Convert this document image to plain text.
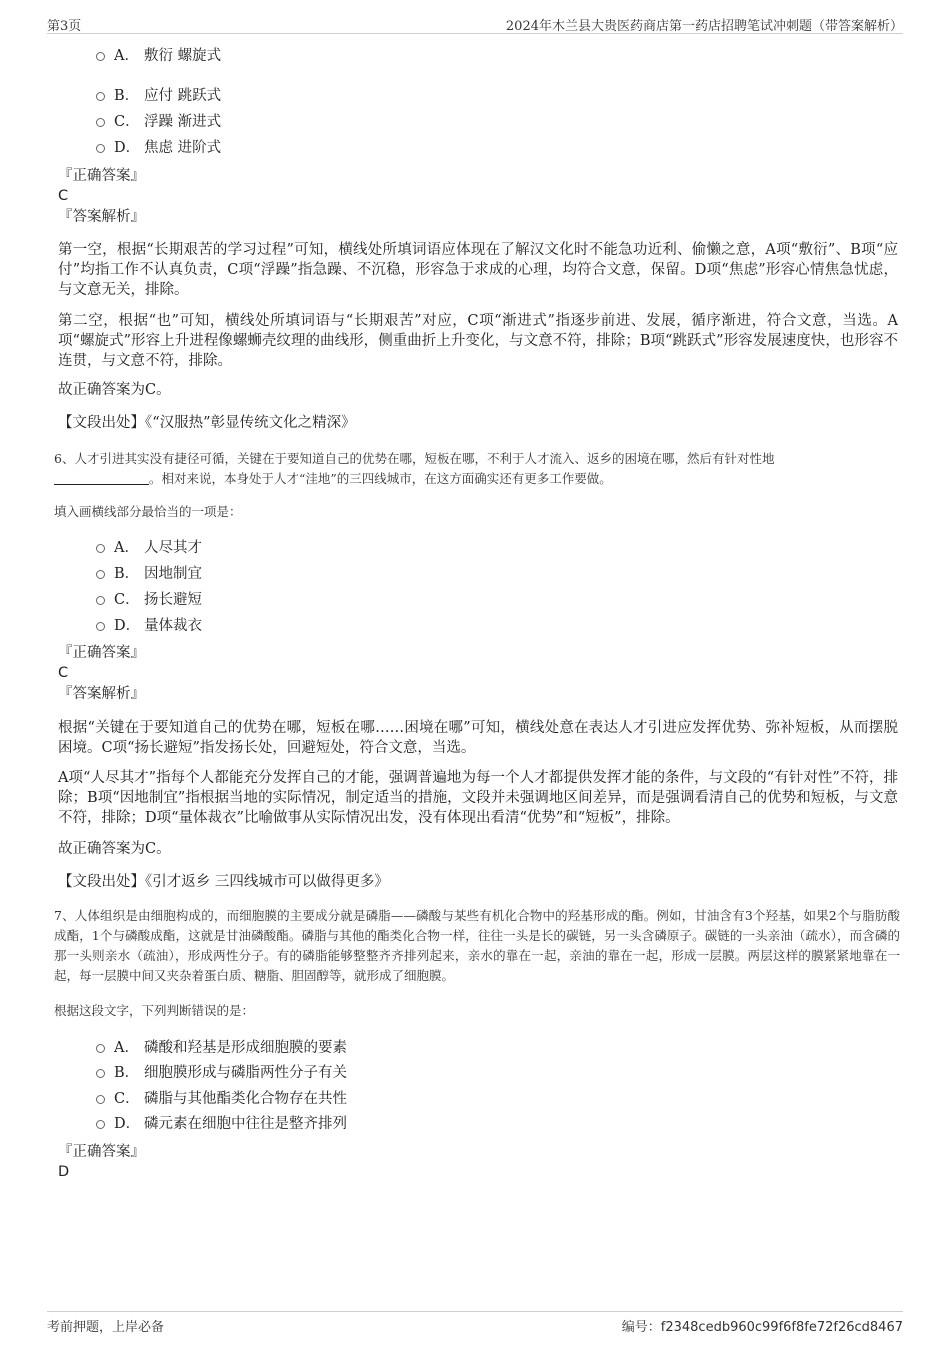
第3页	2024年木兰县大贵医药商店第一药店招聘笔试冲刺题（带答案解析）
A． 敷衍 螺旋式
B． 应付 跳跃式
C． 浮躁 渐进式
D． 焦虑 进阶式
『正确答案』
C
『答案解析』
第一空，根据“长期艰苦的学习过程”可知，横线处所填词语应体现在了解汉文化时不能急功近利、偷懒之意，A项“敷衍”、B项“应付”均指工作不认真负责，C项“浮躁”指急躁、不沉稳，形容急于求成的心理，均符合文意，保留。D项“焦虑”形容心情焦急忧虑，与文意无关，排除。
第二空，根据“也”可知，横线处所填词语与“长期艰苦”对应，C项“渐进式”指逐步前进、发展，循序渐进，符合文意，当选。A项“螺旋式”形容上升进程像螺蛳壳纹理的曲线形，侧重曲折上升变化，与文意不符，排除；B项“跳跃式”形容发展速度快，也形容不连贯，与文意不符，排除。
故正确答案为C。
【文段出处】《“汉服热”彰显传统文化之精深》
6、人才引进其实没有捷径可循，关键在于要知道自己的优势在哪，短板在哪，不利于人才流入、返乡的困境在哪，然后有针对性地
。相对来说，本身处于人才“洼地”的三四线城市，在这方面确实还有更多工作要做。
填入画横线部分最恰当的一项是：
A． 人尽其才
B． 因地制宜
C． 扬长避短
D． 量体裁衣
『正确答案』
C
『答案解析』
根据“关键在于要知道自己的优势在哪，短板在哪……困境在哪”可知，横线处意在表达人才引进应发挥优势、弥补短板，从而摆脱困境。C项“扬长避短”指发扬长处，回避短处，符合文意，当选。
A项“人尽其才”指每个人都能充分发挥自己的才能，强调普遍地为每一个人才都提供发挥才能的条件，与文段的“有针对性”不符，排除；B项“因地制宜”指根据当地的实际情况，制定适当的措施，文段并未强调地区间差异，而是强调看清自己的优势和短板，与文意不符，排除；D项“量体裁衣”比喻做事从实际情况出发，没有体现出看清“优势”和“短板”，排除。
故正确答案为C。
【文段出处】《引才返乡 三四线城市可以做得更多》
7、人体组织是由细胞构成的，而细胞膜的主要成分就是磷脂——磷酸与某些有机化合物中的羟基形成的酯。例如，甘油含有3个羟基，如果2个与脂肪酸成酯，1个与磷酸成酯，这就是甘油磷酸酯。磷脂与其他的酯类化合物一样，往往一头是长的碳链，另一头含磷原子。碳链的一头亲油（疏水），而含磷的那一头则亲水（疏油），形成两性分子。有的磷脂能够整整齐齐排列起来，亲水的靠在一起，亲油的靠在一起，形成一层膜。两层这样的膜紧紧地靠在一起，每一层膜中间又夹杂着蛋白质、糖脂、胆固醇等，就形成了细胞膜。
根据这段文字，下列判断错误的是：
A． 磷酸和羟基是形成细胞膜的要素
B． 细胞膜形成与磷脂两性分子有关
C． 磷脂与其他酯类化合物存在共性
D． 磷元素在细胞中往往是整齐排列
『正确答案』
D
考前押题，上岸必备	编号：f2348cedb960c99f6f8fe72f26cd8467
